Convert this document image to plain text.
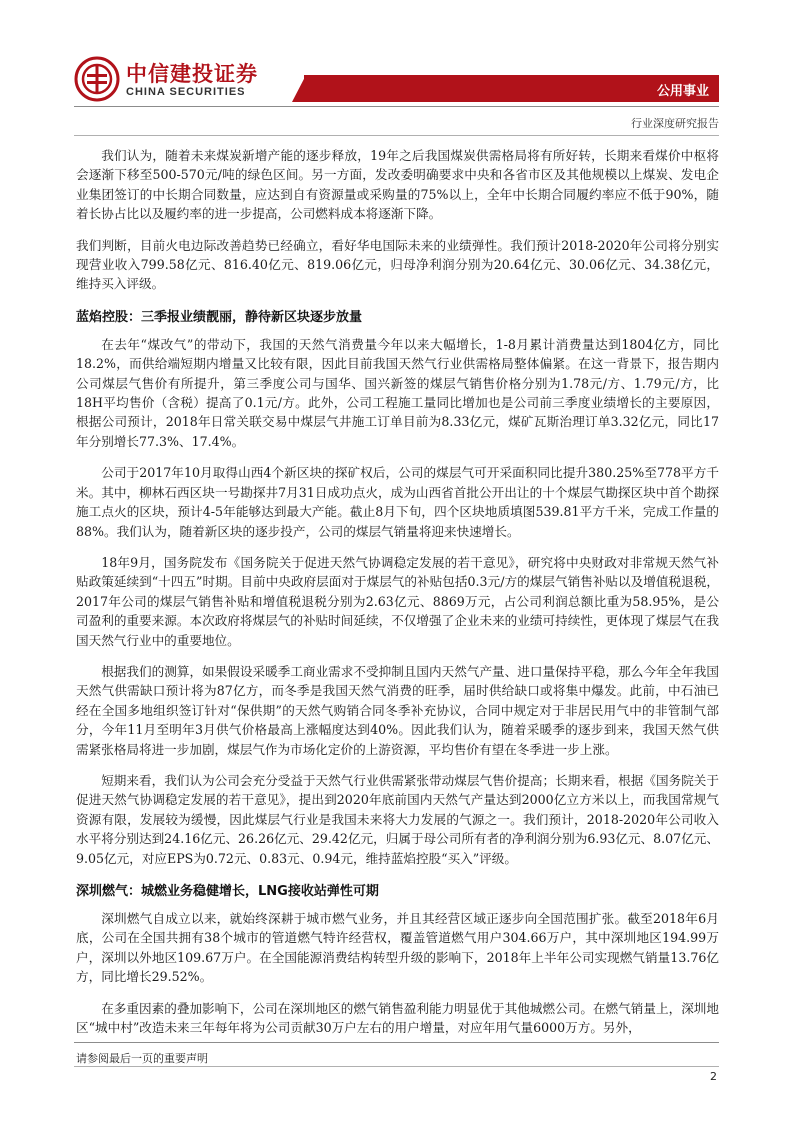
中信建投证券
CHINA SECURITIES	公用事业
行业深度研究报告

我们认为，随着未来煤炭新增产能的逐步释放，19年之后我国煤炭供需格局将有所好转，长期来看煤价中枢将会逐渐下移至500-570元/吨的绿色区间。另一方面，发改委明确要求中央和各省市区及其他规模以上煤炭、发电企业集团签订的中长期合同数量，应达到自有资源量或采购量的75%以上，全年中长期合同履约率应不低于90%，随着长协占比以及履约率的进一步提高，公司燃料成本将逐渐下降。

我们判断，目前火电边际改善趋势已经确立，看好华电国际未来的业绩弹性。我们预计2018-2020年公司将分别实现营业收入799.58亿元、816.40亿元、819.06亿元，归母净利润分别为20.64亿元、30.06亿元、34.38亿元，维持买入评级。

蓝焰控股：三季报业绩靓丽，静待新区块逐步放量

在去年“煤改气”的带动下，我国的天然气消费量今年以来大幅增长，1-8月累计消费量达到1804亿方，同比18.2%，而供给端短期内增量又比较有限，因此目前我国天然气行业供需格局整体偏紧。在这一背景下，报告期内公司煤层气售价有所提升，第三季度公司与国华、国兴新签的煤层气销售价格分别为1.78元/方、1.79元/方，比18H平均售价（含税）提高了0.1元/方。此外，公司工程施工量同比增加也是公司前三季度业绩增长的主要原因，根据公司预计，2018年日常关联交易中煤层气井施工订单目前为8.33亿元，煤矿瓦斯治理订单3.32亿元，同比17年分别增长77.3%、17.4%。

公司于2017年10月取得山西4个新区块的探矿权后，公司的煤层气可开采面积同比提升380.25%至778平方千米。其中，柳林石西区块一号勘探井7月31日成功点火，成为山西省首批公开出让的十个煤层气勘探区块中首个勘探施工点火的区块，预计4-5年能够达到最大产能。截止8月下旬，四个区块地质填图539.81平方千米，完成工作量的88%。我们认为，随着新区块的逐步投产，公司的煤层气销量将迎来快速增长。

18年9月，国务院发布《国务院关于促进天然气协调稳定发展的若干意见》，研究将中央财政对非常规天然气补贴政策延续到“十四五”时期。目前中央政府层面对于煤层气的补贴包括0.3元/方的煤层气销售补贴以及增值税退税，2017年公司的煤层气销售补贴和增值税退税分别为2.63亿元、8869万元，占公司利润总额比重为58.95%，是公司盈利的重要来源。本次政府将煤层气的补贴时间延续，不仅增强了企业未来的业绩可持续性，更体现了煤层气在我国天然气行业中的重要地位。

根据我们的测算，如果假设采暖季工商业需求不受抑制且国内天然气产量、进口量保持平稳，那么今年全年我国天然气供需缺口预计将为87亿方，而冬季是我国天然气消费的旺季，届时供给缺口或将集中爆发。此前，中石油已经在全国多地组织签订针对“保供期”的天然气购销合同冬季补充协议，合同中规定对于非居民用气中的非管制气部分，今年11月至明年3月供气价格最高上涨幅度达到40%。因此我们认为，随着采暖季的逐步到来，我国天然气供需紧张格局将进一步加剧，煤层气作为市场化定价的上游资源，平均售价有望在冬季进一步上涨。

短期来看，我们认为公司会充分受益于天然气行业供需紧张带动煤层气售价提高；长期来看，根据《国务院关于促进天然气协调稳定发展的若干意见》，提出到2020年底前国内天然气产量达到2000亿立方米以上，而我国常规气资源有限，发展较为缓慢，因此煤层气行业是我国未来将大力发展的气源之一。我们预计，2018-2020年公司收入水平将分别达到24.16亿元、26.26亿元、29.42亿元，归属于母公司所有者的净利润分别为6.93亿元、8.07亿元、9.05亿元，对应EPS为0.72元、0.83元、0.94元，维持蓝焰控股“买入”评级。

深圳燃气：城燃业务稳健增长，LNG接收站弹性可期

深圳燃气自成立以来，就始终深耕于城市燃气业务，并且其经营区域正逐步向全国范围扩张。截至2018年6月底，公司在全国共拥有38个城市的管道燃气特许经营权，覆盖管道燃气用户304.66万户，其中深圳地区194.99万户，深圳以外地区109.67万户。在全国能源消费结构转型升级的影响下，2018年上半年公司实现燃气销量13.76亿方，同比增长29.52%。

在多重因素的叠加影响下，公司在深圳地区的燃气销售盈利能力明显优于其他城燃公司。在燃气销量上，深圳地区“城中村”改造未来三年每年将为公司贡献30万户左右的用户增量，对应年用气量6000万方。另外，

请参阅最后一页的重要声明
2
